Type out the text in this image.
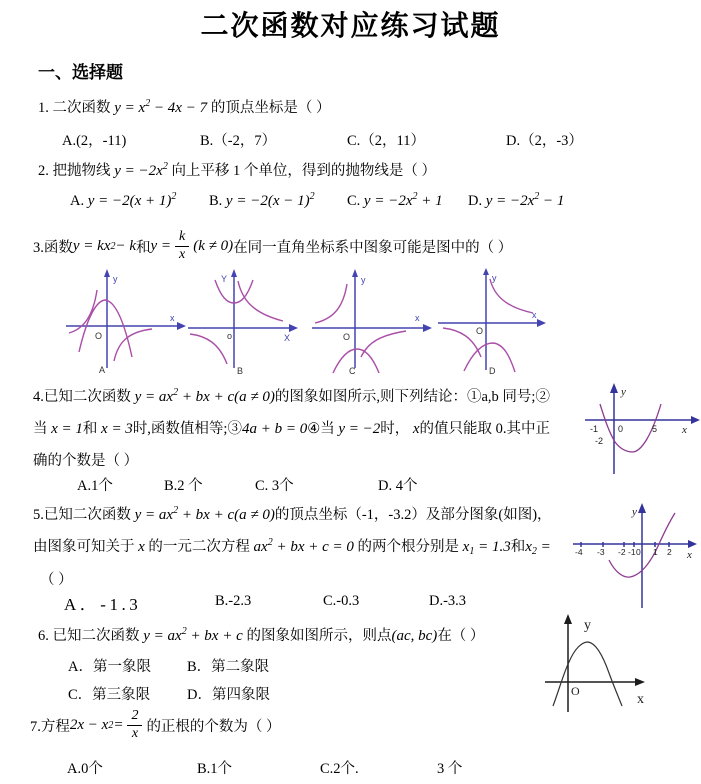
二次函数对应练习试题
一、选择题
1. 二次函数 $y = x^2 - 4x - 7$ 的顶点坐标是（ ）
A.(2，-11)	B.（-2，7）	C.（2，11）	D.（2，-3）
2. 把抛物线 $y = -2x^2$ 向上平移 1 个单位，得到的抛物线是（ ）
A. $y = -2(x + 1)^2$ B. $y = -2(x - 1)^2$ C. $y = -2x^2 + 1$ D. $y = -2x^2 - 1$
3.函数 y = kx 2 − k 和 $y = \frac{k}{x} (k \ne 0)$ 在同一直角坐标系中图象可能是图中的（ ）
y
x
O
A
Y
X
o
B
y
x
O
C
y
x
O
D
4.已知二次函数 $y = ax^2$ + bx + c(a ≠ 0)的图象如图所示,则下列结论：①a,b 同号;②
当 x = 1和 x = 3时,函数值相等;③4a + b = 0④当 y = −2时， x的值只能取 0.其中正
确的个数是（ ）
A.1个	B.2 个	C. 3个	D. 4个
y
x
-1 0	5
-2
5.已知二次函数 $y = ax^2$ + bx + c(a ≠ 0)的顶点坐标（-1，-3.2）及部分图象(如图)，
由图象可知关于 x 的一元二次方程 $ax^2$ + bx + c = 0 的两个根分别是 $x_1 = 1.3$和$x_2$ =
（ ）
A．-1.3	B.-2.3	C.-0.3	D.-3.3
y
x
-4 -3 -2 -1 0 1 2
6. 已知二次函数 $y = ax^2$ + bx + c 的图象如图所示，则点(ac, bc)在（ ）
A．第一象限 B．第二象限
C．第三象限	D．第四象限
y
x
O
7.方程 2x − x $2 = \frac{2}{x}$ 的正根的个数为（ ）
A.0个	B.1个	C.2个.	3 个
